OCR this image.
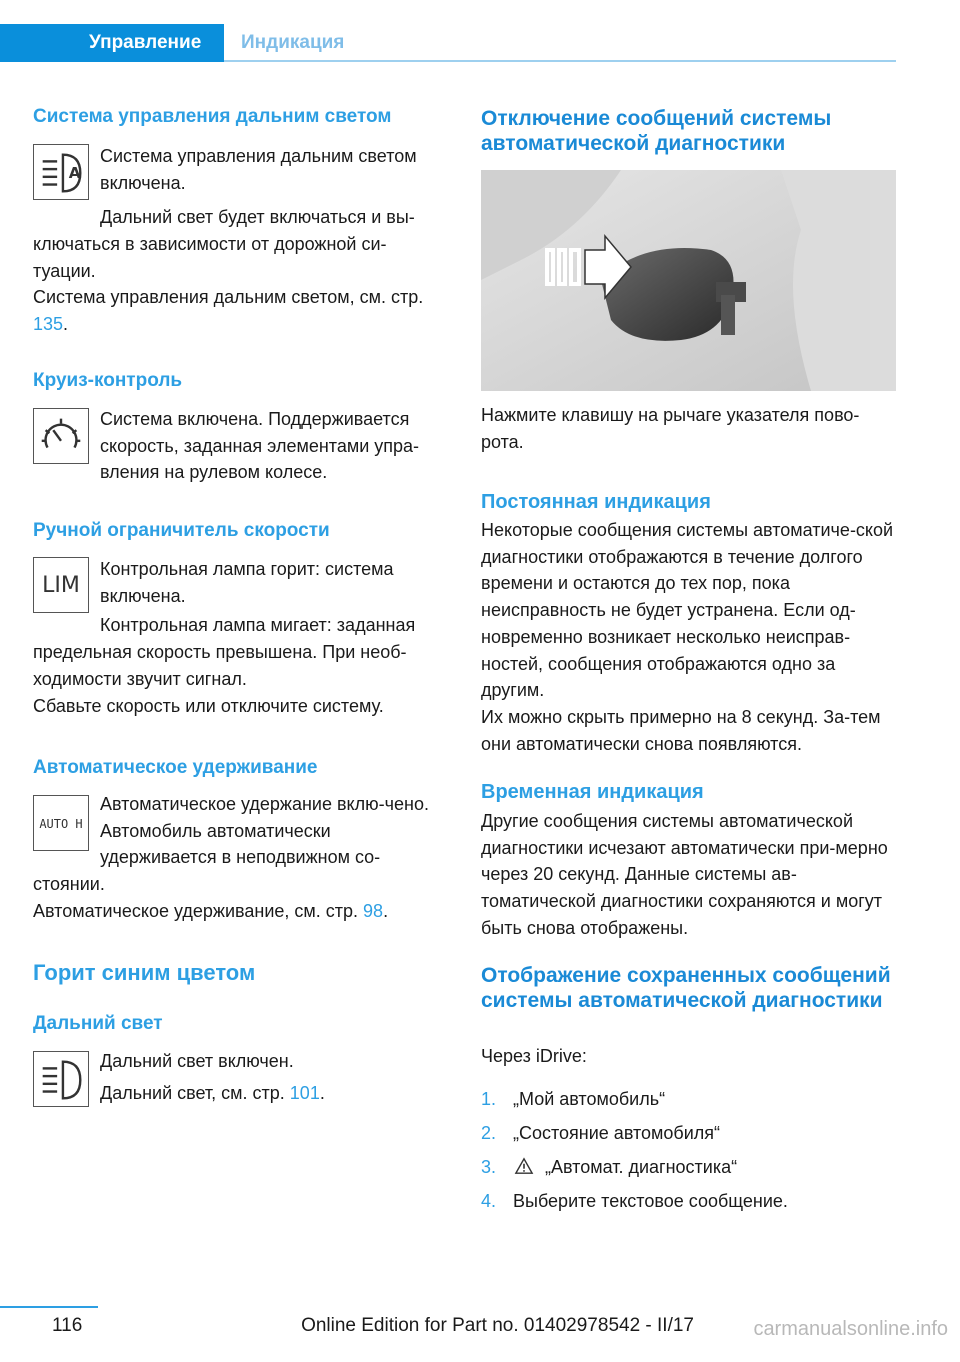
Управление	Индикация
Система управления дальним светом
A

Система управления дальним светом включена.

Дальний свет будет включаться и вы-

ключаться в зависимости от дорожной си-туации.

Система управления дальним светом, см. стр. 135.

Круиз-контроль

Система включена. Поддерживается скорость, заданная элементами упра-вления на рулевом колесе.

Ручной ограничитель скорости
LIM

Контрольная лампа горит: система включена.

Контрольная лампа мигает: заданная

предельная скорость превышена. При необ-ходимости звучит сигнал.

Сбавьте скорость или отключите систему.

Автоматическое удерживание
AUTO H

Автоматическое удержание вклю-чено. Автомобиль автоматически удерживается в неподвижном со-

стоянии.

Автоматическое удерживание, см. стр. 98.

Горит синим цветом
Дальний свет

Дальний свет включен.

Дальний свет, см. стр. 101.

Отключение сообщений системы автоматической диагностики

Нажмите клавишу на рычаге указателя пово-рота.

Постоянная индикация

Некоторые сообщения системы автоматиче-ской диагностики отображаются в течение долгого времени и остаются до тех пор, пока неисправность не будет устранена. Если од-новременно возникает несколько неисправ-ностей, сообщения отображаются одно за другим.

Их можно скрыть примерно на 8 секунд. За-тем они автоматически снова появляются.

Временная индикация

Другие сообщения системы автоматической диагностики исчезают автоматически при-мерно через 20 секунд. Данные системы ав-томатической диагностики сохраняются и могут быть снова отображены.

Отображение сохраненных сообщений системы автоматической диагностики

Через iDrive:

1. „Мой автомобиль“
2. „Состояние автомобиля“
3.	„Автомат. диагностика“
4. Выберите текстовое сообщение.
116	Online Edition for Part no. 01402978542 - II/17	carmanualsonline.info
